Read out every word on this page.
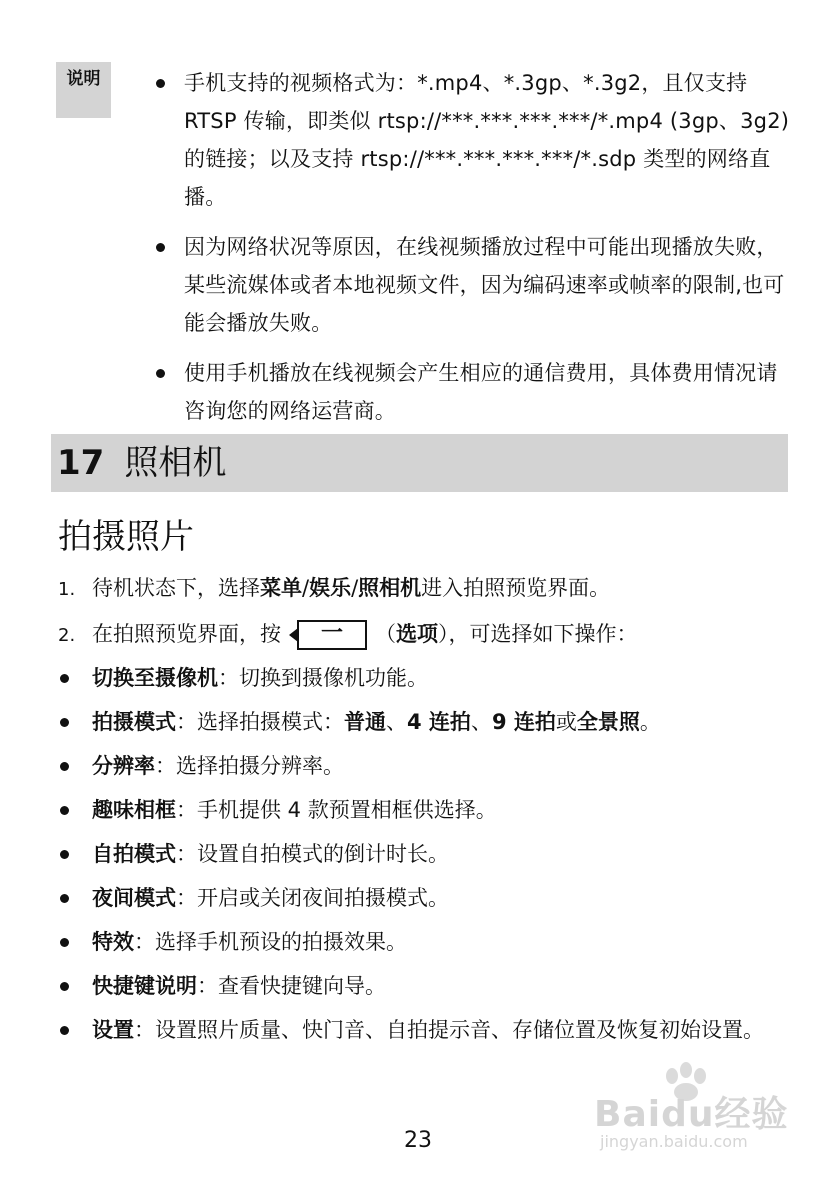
说明	手机支持的视频格式为：*.mp4、*.3gp、*.3g2，且仅支持 RTSP 传输，即类似 rtsp://***.***.***.***/*.mp4 (3gp、3g2)的链接；以及支持 rtsp://***.***.***.***/*.sdp 类型的网络直播。
因为网络状况等原因，在线视频播放过程中可能出现播放失败，某些流媒体或者本地视频文件，因为编码速率或帧率的限制,也可能会播放失败。
使用手机播放在线视频会产生相应的通信费用，具体费用情况请咨询您的网络运营商。
17 照相机
拍摄照片
1. 待机状态下，选择菜单/娱乐/照相机进入拍照预览界面。
2. 在拍照预览界面，按 一 （选项），可选择如下操作：
切换至摄像机：切换到摄像机功能。
拍摄模式：选择拍摄模式：普通、4 连拍、9 连拍或全景照。
分辨率：选择拍摄分辨率。
趣味相框：手机提供 4 款预置相框供选择。
自拍模式：设置自拍模式的倒计时长。
夜间模式：开启或关闭夜间拍摄模式。
特效：选择手机预设的拍摄效果。
快捷键说明：查看快捷键向导。
设置：设置照片质量、快门音、自拍提示音、存储位置及恢复初始设置。
23
Baidu经验
jingyan.baidu.com
